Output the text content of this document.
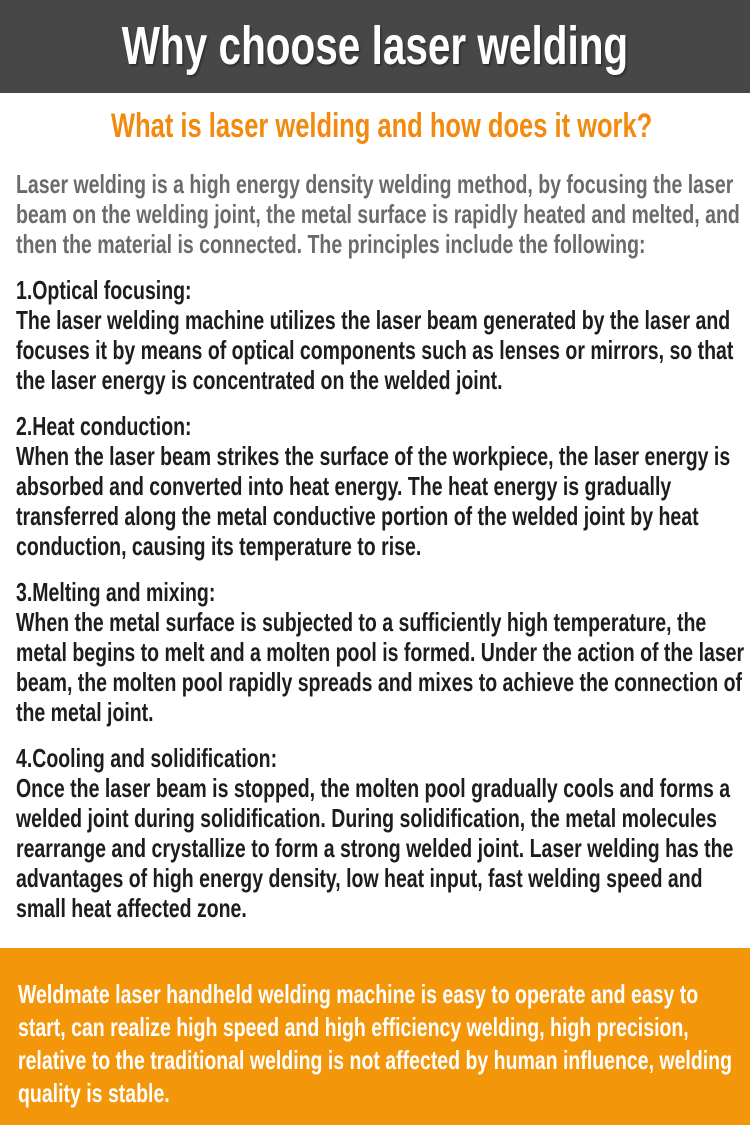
Why choose laser welding
What is laser welding and how does it work?

Laser welding is a high energy density welding method, by focusing the laser beam on the welding joint, the metal surface is rapidly heated and melted, and then the material is connected. The principles include the following:

1.Optical focusing:

The laser welding machine utilizes the laser beam generated by the laser and focuses it by means of optical components such as lenses or mirrors, so that the laser energy is concentrated on the welded joint.

2.Heat conduction:

When the laser beam strikes the surface of the workpiece, the laser energy is absorbed and converted into heat energy. The heat energy is gradually transferred along the metal conductive portion of the welded joint by heat conduction, causing its temperature to rise.

3.Melting and mixing:

When the metal surface is subjected to a sufficiently high temperature, the metal begins to melt and a molten pool is formed. Under the action of the laser beam, the molten pool rapidly spreads and mixes to achieve the connection of the metal joint.

4.Cooling and solidification:

Once the laser beam is stopped, the molten pool gradually cools and forms a welded joint during solidification. During solidification, the metal molecules rearrange and crystallize to form a strong welded joint. Laser welding has the advantages of high energy density, low heat input, fast welding speed and small heat affected zone.

Weldmate laser handheld welding machine is easy to operate and easy to start, can realize high speed and high efficiency welding, high precision, relative to the traditional welding is not affected by human influence, welding quality is stable.
